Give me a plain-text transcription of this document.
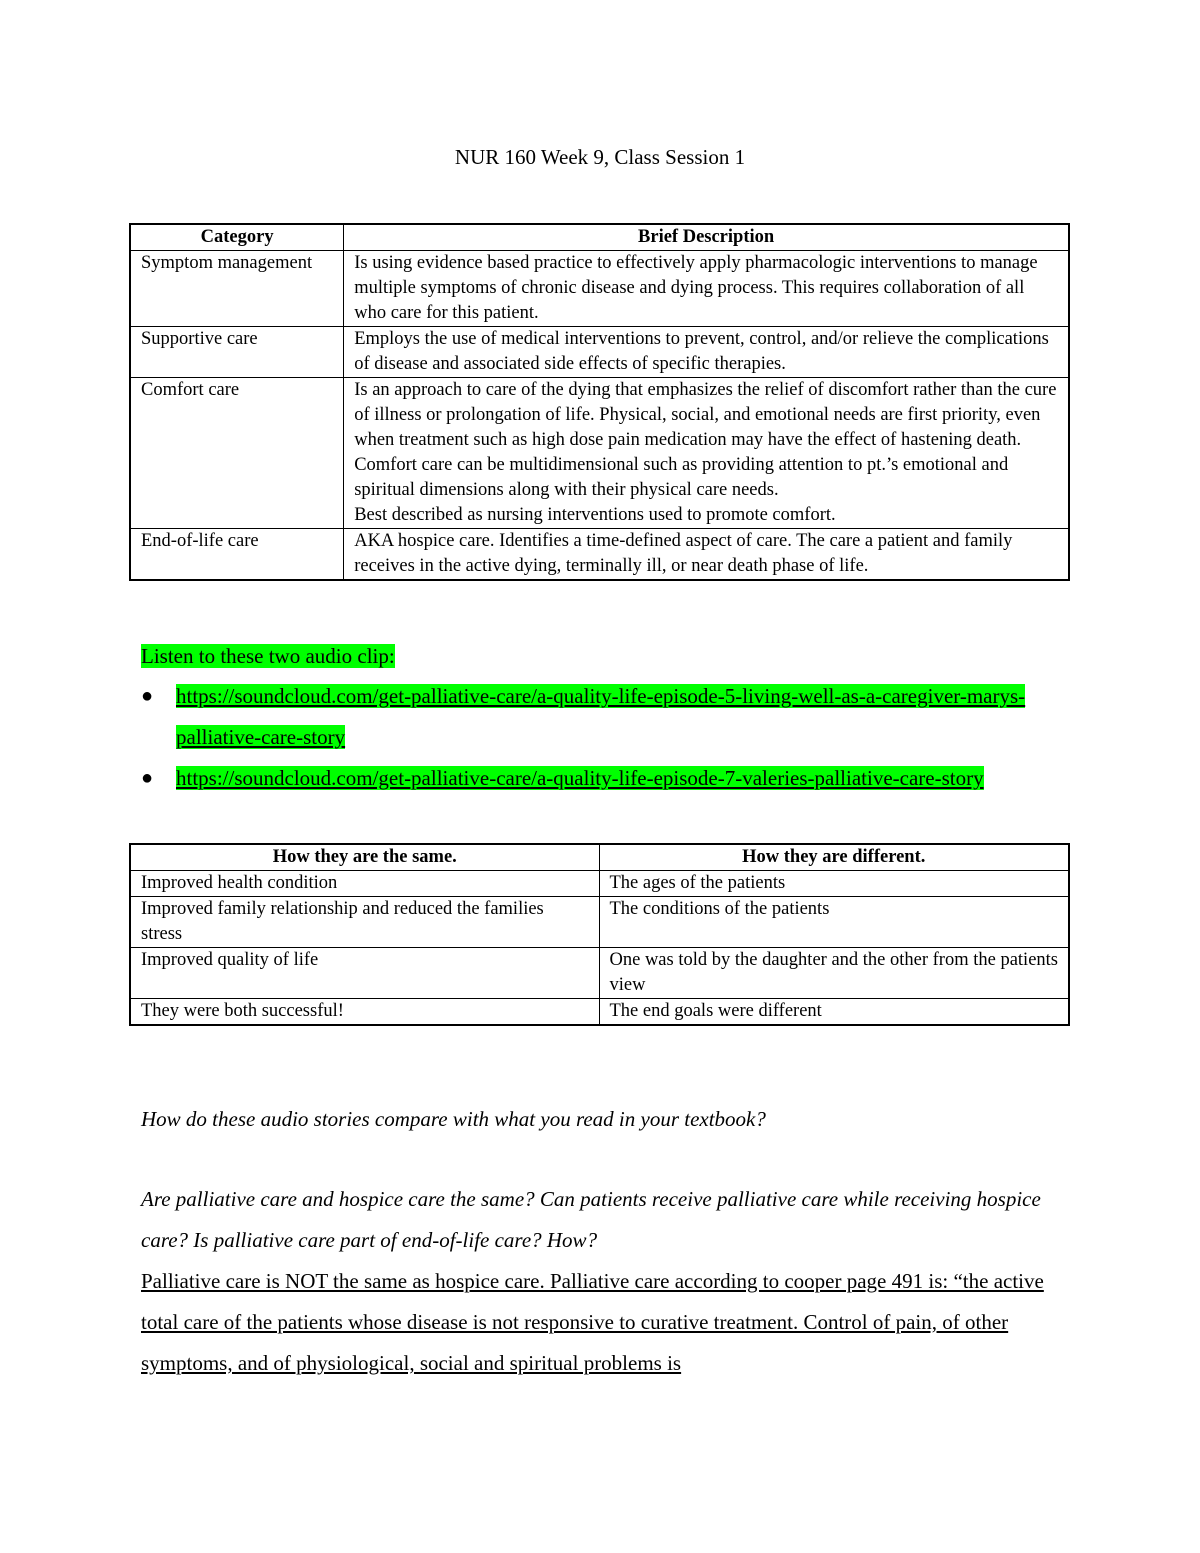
NUR 160 Week 9, Class Session 1
Category	Brief Description
Symptom management	Is using evidence based practice to effectively apply pharmacologic interventions to manage multiple symptoms of chronic disease and dying process. This requires collaboration of all who care for this patient.
Supportive care	Employs the use of medical interventions to prevent, control, and/or relieve the complications of disease and associated side effects of specific therapies.
Comfort care	Is an approach to care of the dying that emphasizes the relief of discomfort rather than the cure of illness or prolongation of life. Physical, social, and emotional needs are first priority, even when treatment such as high dose pain medication may have the effect of hastening death. Comfort care can be multidimensional such as providing attention to pt.’s emotional and spiritual dimensions along with their physical care needs.
Best described as nursing interventions used to promote comfort.

End-of-life care	AKA hospice care. Identifies a time-defined aspect of care. The care a patient and family receives in the active dying, terminally ill, or near death phase of life.
Listen to these two audio clip:
● https://soundcloud.com/get-palliative-care/a-quality-life-episode-5-living-well-as-a-caregiver-marys-palliative-care-story
● https://soundcloud.com/get-palliative-care/a-quality-life-episode-7-valeries-palliative-care-story
How they are the same.	How they are different.
Improved health condition	The ages of the patients
Improved family relationship and reduced the families stress	The conditions of the patients
Improved quality of life	One was told by the daughter and the other from the patients view
They were both successful!	The end goals were different
How do these audio stories compare with what you read in your textbook?
Are palliative care and hospice care the same? Can patients receive palliative care while receiving hospice care? Is palliative care part of end-of-life care? How?
Palliative care is NOT the same as hospice care. Palliative care according to cooper page 491 is: “the active total care of the patients whose disease is not responsive to curative treatment. Control of pain, of other symptoms, and of physiological, social and spiritual problems is
